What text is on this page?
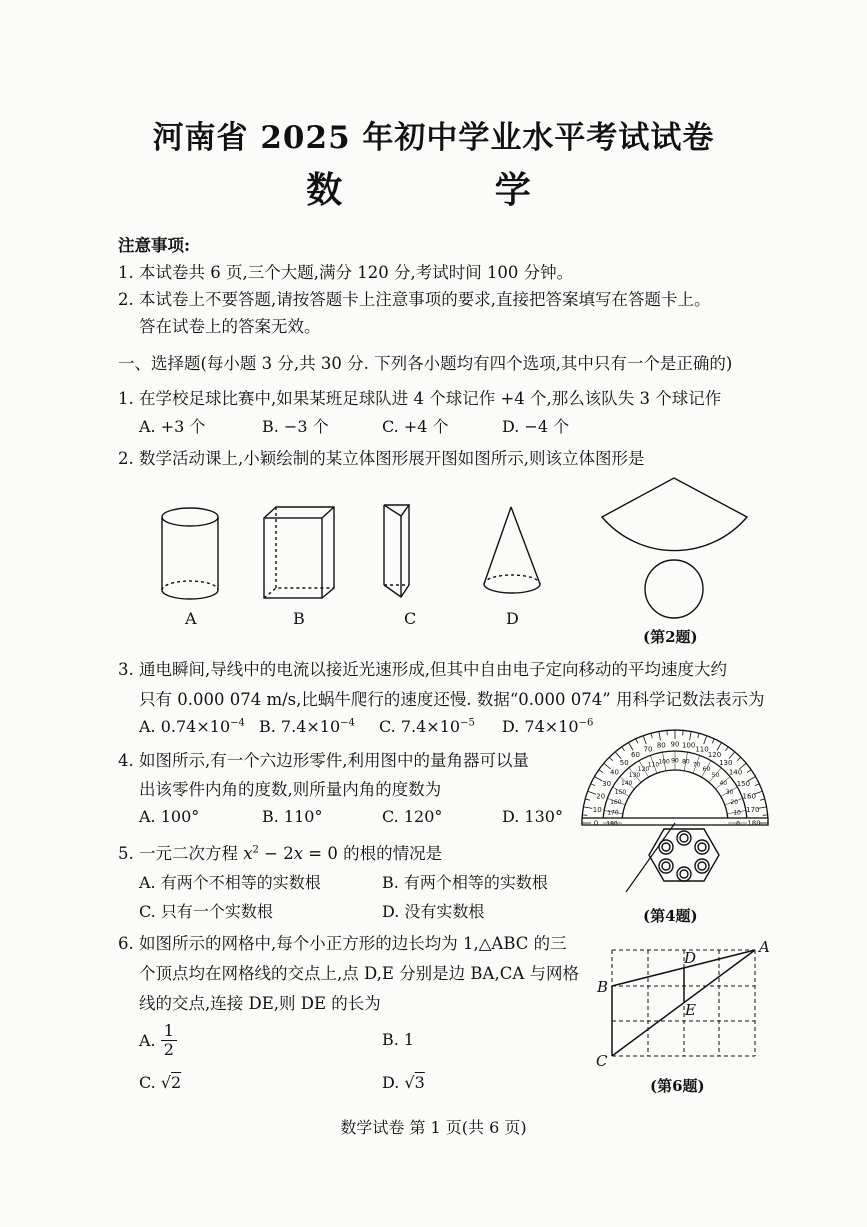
河南省 2025 年初中学业水平考试试卷
数 学
注意事项:
1. 本试卷共 6 页,三个大题,满分 120 分,考试时间 100 分钟。
2. 本试卷上不要答题,请按答题卡上注意事项的要求,直接把答案填写在答题卡上。
答在试卷上的答案无效。
一、选择题(每小题 3 分,共 30 分. 下列各小题均有四个选项,其中只有一个是正确的)
1. 在学校足球比赛中,如果某班足球队进 4 个球记作 +4 个,那么该队失 3 个球记作
A. +3 个	B. −3 个	C. +4 个	D. −4 个
2. 数学活动课上,小颖绘制的某立体图形展开图如图所示,则该立体图形是
A	B	C	D
(第2题)
3. 通电瞬间,导线中的电流以接近光速形成,但其中自由电子定向移动的平均速度大约
只有 0.000 074 m/s,比蜗牛爬行的速度还慢. 数据“0.000 074” 用科学记数法表示为
A. $0.74\times 10^{-4}$ B. $7.4\times 10^{-4}$ C. $7.4\times 10^{-5}$ D. $74\times 10^{-6}$
4. 如图所示,有一个六边形零件,利用图中的量角器可以量
出该零件内角的度数,则所量内角的度数为
A. 100°	B. 110°	C. 120°	D. 130°	0
10
20
30
40
50
60
70 80 90 100 110
120
130
140
150
160
170
180
180
170
160
150
140
130
120
110 100 90 80 70
60
50
40
30
20
10
0
(第4题)
5. 一元二次方程 $x^2 - 2x = 0$ 的根的情况是
A. 有两个不相等的实数根	B. 有两个相等的实数根
C. 只有一个实数根	D. 没有实数根
6. 如图所示的网格中,每个小正方形的边长均为 1,△ABC 的三
个顶点均在网格线的交点上,点 D,E 分别是边 BA,CA 与网格
线的交点,连接 DE,则 DE 的长为
A. $\frac{1}{2}$	B. 1
C. √2	D. √3
A
B
C
D
E
(第6题)
数学试卷 第 1 页(共 6 页)
